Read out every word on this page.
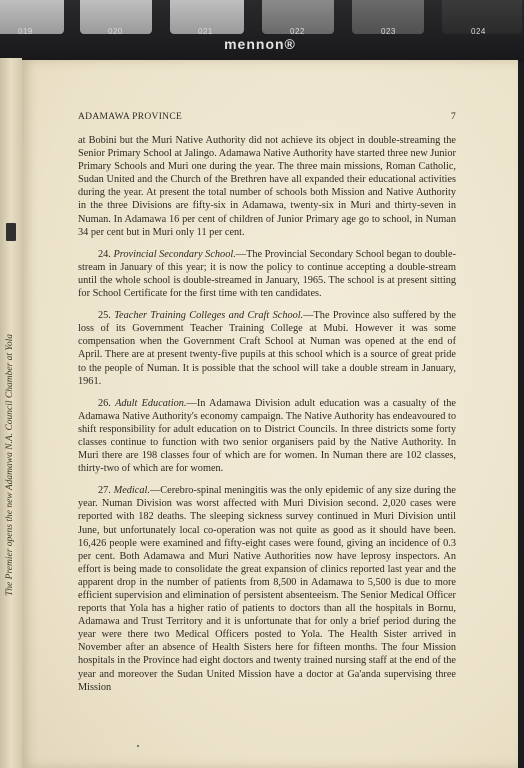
019	020	021	022	023	024
mennon®
The Premier opens the new Adamawa N.A. Council Chamber at Yola
ADAMAWA PROVINCE	7

at Bobini but the Muri Native Authority did not achieve its object in double-streaming the Senior Primary School at Jalingo. Adamawa Native Authority have started three new Junior Primary Schools and Muri one during the year. The three main missions, Roman Catholic, Sudan United and the Church of the Brethren have all expanded their educational activities during the year. At present the total number of schools both Mission and Native Authority in the three Divisions are fifty-six in Adamawa, twenty-six in Muri and thirty-seven in Numan. In Adamawa 16 per cent of children of Junior Primary age go to school, in Numan 34 per cent but in Muri only 11 per cent.

24. Provincial Secondary School.—The Provincial Secondary School began to double-stream in January of this year; it is now the policy to continue accepting a double-stream until the whole school is double-streamed in January, 1965. The school is at present sitting for School Certificate for the first time with ten candidates.

25. Teacher Training Colleges and Craft School.—The Province also suffered by the loss of its Government Teacher Training College at Mubi. However it was some compensation when the Government Craft School at Numan was opened at the end of April. There are at present twenty-five pupils at this school which is a source of great pride to the people of Numan. It is possible that the school will take a double stream in January, 1961.

26. Adult Education.—In Adamawa Division adult education was a casualty of the Adamawa Native Authority's economy campaign. The Native Authority has endeavoured to shift responsibility for adult education on to District Councils. In three districts some forty classes continue to function with two senior organisers paid by the Native Authority. In Muri there are 198 classes four of which are for women. In Numan there are 102 classes, thirty-two of which are for women.

27. Medical.—Cerebro-spinal meningitis was the only epidemic of any size during the year. Numan Division was worst affected with Muri Division second. 2,020 cases were reported with 182 deaths. The sleeping sickness survey continued in Muri Division until June, but unfortunately local co-operation was not quite as good as it should have been. 16,426 people were examined and fifty-eight cases were found, giving an incidence of 0.3 per cent. Both Adamawa and Muri Native Authorities now have leprosy inspectors. An effort is being made to consolidate the great expansion of clinics reported last year and the apparent drop in the number of patients from 8,500 in Adamawa to 5,500 is due to more efficient supervision and elimination of persistent absenteeism. The Senior Medical Officer reports that Yola has a higher ratio of patients to doctors than all the hospitals in Bornu, Adamawa and Trust Territory and it is unfortunate that for only a brief period during the year were there two Medical Officers posted to Yola. The Health Sister arrived in November after an absence of Health Sisters here for fifteen months. The four Mission hospitals in the Province had eight doctors and twenty trained nursing staff at the end of the year and moreover the Sudan United Mission have a doctor at Ga'anda supervising three Mission
